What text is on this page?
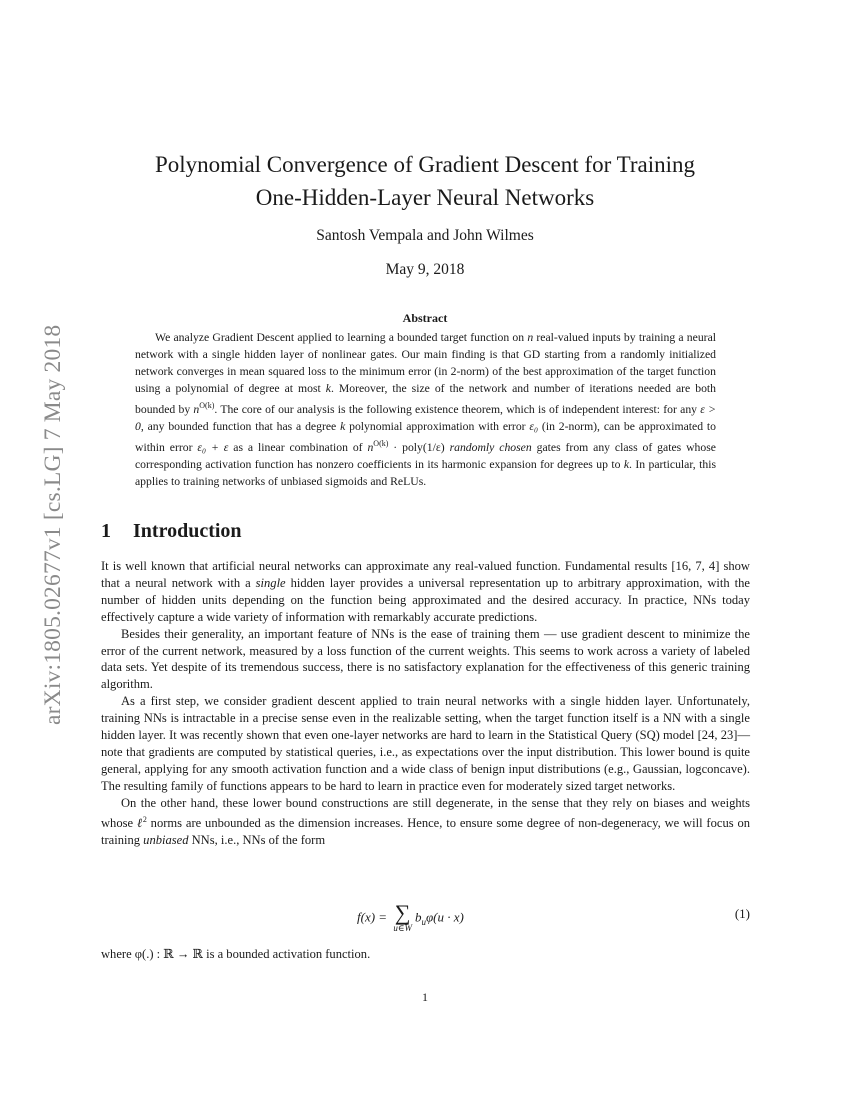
arXiv:1805.02677v1 [cs.LG] 7 May 2018
Polynomial Convergence of Gradient Descent for Training
One-Hidden-Layer Neural Networks
Santosh Vempala and John Wilmes
May 9, 2018
Abstract
We analyze Gradient Descent applied to learning a bounded target function on n real-valued inputs by training a neural network with a single hidden layer of nonlinear gates. Our main finding is that GD starting from a randomly initialized network converges in mean squared loss to the minimum error (in 2-norm) of the best approximation of the target function using a polynomial of degree at most k. Moreover, the size of the network and number of iterations needed are both bounded by $n^{O(k)}$. The core of our analysis is the following existence theorem, which is of independent interest: for any ε > 0, any bounded function that has a degree k polynomial approximation with error ε₀ (in 2-norm), can be approximated to within error ε₀ + ε as a linear combination of $n^{O(k)}$ · poly(1/ε) randomly chosen gates from any class of gates whose corresponding activation function has nonzero coefficients in its harmonic expansion for degrees up to k. In particular, this applies to training networks of unbiased sigmoids and ReLUs.
1 Introduction

It is well known that artificial neural networks can approximate any real-valued function. Fundamental results [16, 7, 4] show that a neural network with a single hidden layer provides a universal representation up to arbitrary approximation, with the number of hidden units depending on the function being approximated and the desired accuracy. In practice, NNs today effectively capture a wide variety of information with remarkably accurate predictions.

Besides their generality, an important feature of NNs is the ease of training them — use gradient descent to minimize the error of the current network, measured by a loss function of the current weights. This seems to work across a variety of labeled data sets. Yet despite of its tremendous success, there is no satisfactory explanation for the effectiveness of this generic training algorithm.

As a first step, we consider gradient descent applied to train neural networks with a single hidden layer. Unfortunately, training NNs is intractable in a precise sense even in the realizable setting, when the target function itself is a NN with a single hidden layer. It was recently shown that even one-layer networks are hard to learn in the Statistical Query (SQ) model [24, 23]— note that gradients are computed by statistical queries, i.e., as expectations over the input distribution. This lower bound is quite general, applying for any smooth activation function and a wide class of benign input distributions (e.g., Gaussian, logconcave). The resulting family of functions appears to be hard to learn in practice even for moderately sized target networks.

On the other hand, these lower bound constructions are still degenerate, in the sense that they rely on biases and weights whose ℓ$^2$ norms are unbounded as the dimension increases. Hence, to ensure some degree of non-degeneracy, we will focus on training unbiased NNs, i.e., NNs of the form

f(x) = ∑
u∈W
$b_u\varphi(u \cdot x)$	(1)
where φ(.) : ℝ → ℝ is a bounded activation function.
1
